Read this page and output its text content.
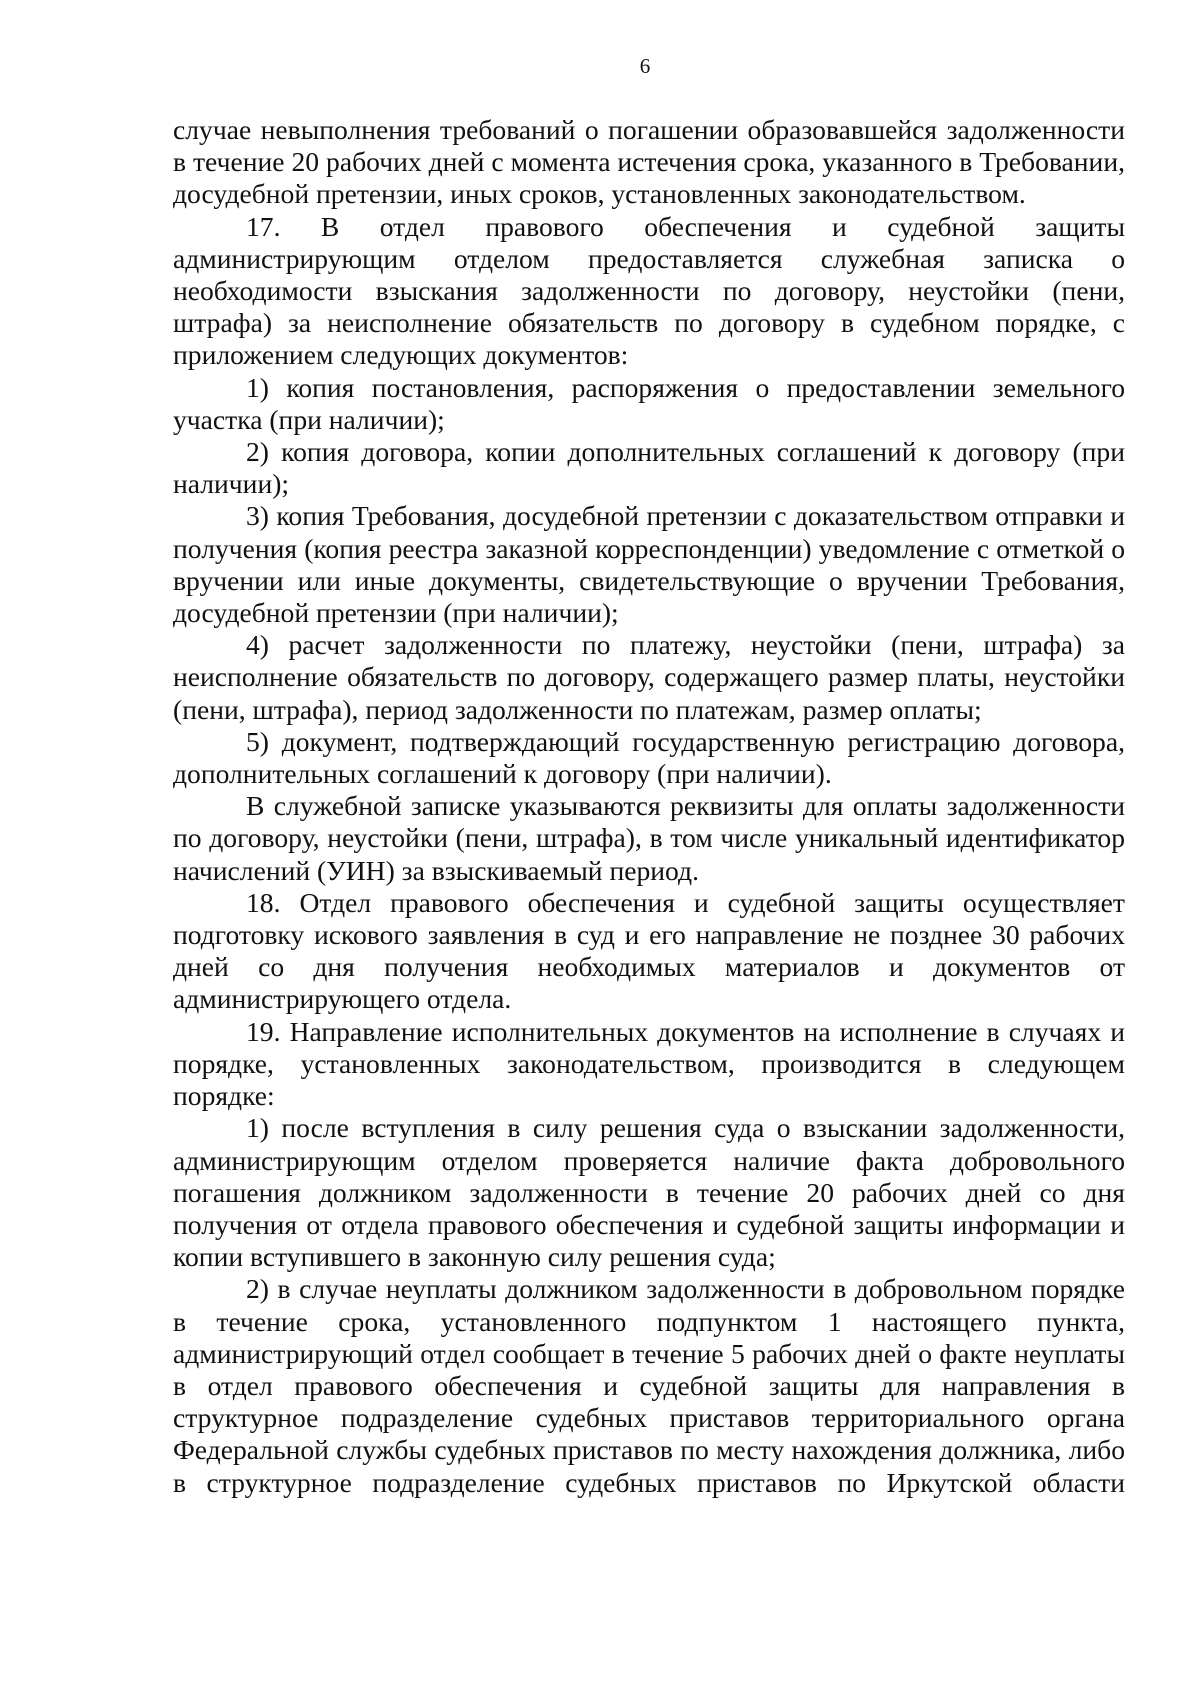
6

случае невыполнения требований о погашении образовавшейся задолженности в течение 20 рабочих дней с момента истечения срока, указанного в Требовании, досудебной претензии, иных сроков, установленных законодательством.

17. В отдел правового обеспечения и судебной защиты администрирующим отделом предоставляется служебная записка о необходимости взыскания задолженности по договору, неустойки (пени, штрафа) за неисполнение обязательств по договору в судебном порядке, с приложением следующих документов:

1) копия постановления, распоряжения о предоставлении земельного участка (при наличии);

2) копия договора, копии дополнительных соглашений к договору (при наличии);

3) копия Требования, досудебной претензии с доказательством отправки и получения (копия реестра заказной корреспонденции) уведомление с отметкой о вручении или иные документы, свидетельствующие о вручении Требования, досудебной претензии (при наличии);

4) расчет задолженности по платежу, неустойки (пени, штрафа) за неисполнение обязательств по договору, содержащего размер платы, неустойки (пени, штрафа), период задолженности по платежам, размер оплаты;

5) документ, подтверждающий государственную регистрацию договора, дополнительных соглашений к договору (при наличии).

В служебной записке указываются реквизиты для оплаты задолженности по договору, неустойки (пени, штрафа), в том числе уникальный идентификатор начислений (УИН) за взыскиваемый период.

18. Отдел правового обеспечения и судебной защиты осуществляет подготовку искового заявления в суд и его направление не позднее 30 рабочих дней со дня получения необходимых материалов и документов от администрирующего отдела.

19. Направление исполнительных документов на исполнение в случаях и порядке, установленных законодательством, производится в следующем порядке:

1) после вступления в силу решения суда о взыскании задолженности, администрирующим отделом проверяется наличие факта добровольного погашения должником задолженности в течение 20 рабочих дней со дня получения от отдела правового обеспечения и судебной защиты информации и копии вступившего в законную силу решения суда;

2) в случае неуплаты должником задолженности в добровольном порядке в течение срока, установленного подпунктом 1 настоящего пункта, администрирующий отдел сообщает в течение 5 рабочих дней о факте неуплаты в отдел правового обеспечения и судебной защиты для направления в структурное подразделение судебных приставов территориального органа Федеральной службы судебных приставов по месту нахождения должника, либо в структурное подразделение судебных приставов по Иркутской области
